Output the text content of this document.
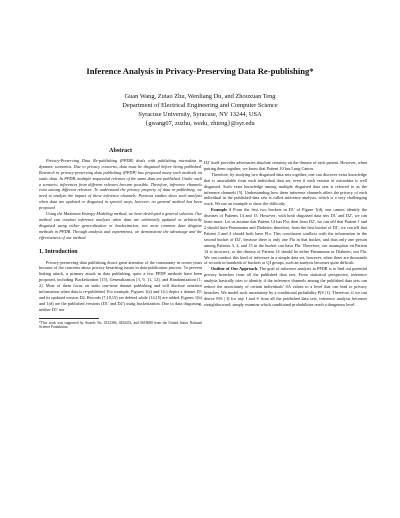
Inference Analysis in Privacy-Preserving Data Re-publishing*
Guan Wang, Zutao Zhu, Wenliang Du, and Zhouxuan Teng
Department of Electrical Engineering and Computer Science
Syracuse University, Syracuse, NY 13244, USA
{gwang07, zuzhu, wedu, zhteng}@syr.edu
Abstract

Privacy-Preserving Data Re-publishing (PPDR) deals with publishing microdata in dynamic scenarios. Due to privacy concerns, data must be disguised before being published. Research in privacy-preserving data publishing (PPDP) has proposed many such methods on static data. In PPDR, multiple sequential releases of the same data are published. Under such a scenario, inferences from different releases become possible. Therefore, inference channels exist among different releases. To understand the privacy property of data re-publishing, we need to analyze the impact of these inference channels. Previous studies show such analysis when data are updated or disguised in special ways, however, no general method has been proposed.

Using the Maximum Entropy Modeling method, we have developed a general solution. Our method can conduct inference analysis when data are arbitrarily updated or arbitrarily disguised using either generalization or bucketization, two most common data disguise methods in PPDR. Through analysis and experiments, we demonstrate the advantage and the effectiveness of our method.

1. Introduction

Privacy-preserving data publishing draws great attention of the community in recent years because of the concerns about privacy breaching issues in data publication process. To prevent linking attack, a primary attack in data publishing, quite a few PPDP methods have been proposed, including Bucketization [15], Generalization [3, 9, 11, 12], and Randomization [1, 2]. Most of them focus on static one-time dataset publishing and will disclose sensitive information when data is re-published. For example, Figures 1(a) and 1(c) depict a dataset D1 and its updated version D2. Records (7,10,15) are deleted while (14,15) are added. Figures 1(b) and 1(d) are the published versions (D1' and D2') using bucketization. Due to data disguising, neither D1' nor

*This work was supported by Awards No. 0312366, 0430252, and 0618680 from the United States National Science Foundation.

D2' itself provides adversaries absolute certainty on the disease of each patient. However, when putting them together, we know that Patient 10 has Lung Cancer.

Therefore, by studying two disguised data sets together, one can discover extra knowledge that is unavailable from each individual data set, even if each version of microdata is well disguised. Such extra knowledge among multiple disguised data sets is referred to as the inference channels [5]. Understanding how these inference channels affect the privacy of each individual in the published data sets is called inference analysis, which is a very challenging work. We use an example to show the difficulty.

Example 1 From the first two buckets in D1' of Figure 1(d), one cannot identify the diseases of Patients 14 and 15. However, with both disguised data sets D1' and D2', we can learn more. Let us assume that Patient 14 has Flu, then from D2', we can tell that Patient 1 and 2 should have Pneumonia and Diabetes; therefore, from the first bucket of D1', we can tell that Patient 3 and 4 should both have Flu. This conclusion conflicts with the information in the second bucket of D2', because there is only one Flu in that bucket, and thus only one person among Patients 3, 4, and 15 in the bucket can have Flu. Therefore, our assumption on Patient 14 is incorrect, so the disease of Patient 14 should be either Pneumonia or Diabetes, not Flu. We can conduct this kind of inference in a simple data set, however, when there are thousands of records in hundreds of buckets or QI groups, such an analysis becomes quite difficult.

Outline of Our Approach. The goal of inference analysis in PPDR is to find out potential privacy breaches from all the published data sets. From statistical perspective, inference analysis basically tries to identify if the inference channels among the published data sets can reduce the uncertainty of certain individuals' SA values to a level that can lead to privacy breaches. We model such uncertainty by a conditional probability P(S | I). Therefore, if we can derive P(S | I) for any I and S from all the published data sets, inference analysis becomes straightforward: simply examine which conditional probabilities reach a dangerous level.
